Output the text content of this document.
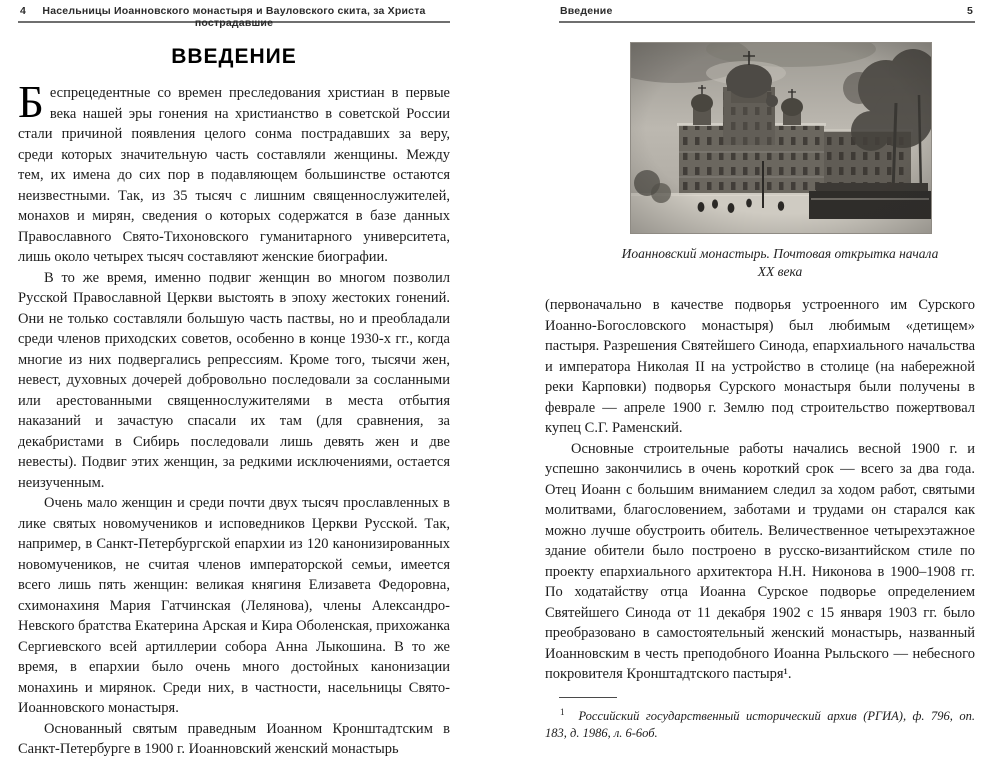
4	Насельницы Иоанновского монастыря и Вауловского скита, за Христа пострадавшие
ВВЕДЕНИЕ

Беспрецедентные со времен преследования христиан в первые века нашей эры гонения на христианство в советской России стали причиной появления целого сонма пострадавших за веру, среди которых значительную часть составляли женщины. Между тем, их имена до сих пор в подавляющем большинстве остаются неизвестными. Так, из 35 тысяч с лишним священнослужителей, монахов и мирян, сведения о которых содержатся в базе данных Православного Свято-Тихоновского гуманитарного университета, лишь около четырех тысяч составляют женские биографии.

В то же время, именно подвиг женщин во многом позволил Русской Православной Церкви выстоять в эпоху жестоких гонений. Они не только составляли большую часть паствы, но и преобладали среди членов приходских советов, особенно в конце 1930-х гг., когда многие из них подвергались репрессиям. Кроме того, тысячи жен, невест, духовных дочерей добровольно последовали за сосланными или арестованными священнослужителями в места отбытия наказаний и зачастую спасали их там (для сравнения, за декабристами в Сибирь последовали лишь девять жен и две невесты). Подвиг этих женщин, за редкими исключениями, остается неизученным.

Очень мало женщин и среди почти двух тысяч прославленных в лике святых новомучеников и исповедников Церкви Русской. Так, например, в Санкт-Петербургской епархии из 120 канонизированных новомучеников, не считая членов императорской семьи, имеется всего лишь пять женщин: великая княгиня Елизавета Федоровна, схимонахиня Мария Гатчинская (Лелянова), члены Александро-Невского братства Екатерина Арская и Кира Оболенская, прихожанка Сергиевского всей артиллерии собора Анна Лыкошина. В то же время, в епархии было очень много достойных канонизации монахинь и мирянок. Среди них, в частности, насельницы Свято-Иоанновского монастыря.

Основанный святым праведным Иоанном Кронштадтским в Санкт-Петербурге в 1900 г. Иоанновский женский монастырь

Введение	5
Иоанновский монастырь. Почтовая открытка начала XX века

(первоначально в качестве подворья устроенного им Сурского Иоанно-Богословского монастыря) был любимым «детищем» пастыря. Разрешения Святейшего Синода, епархиального начальства и императора Николая II на устройство в столице (на набережной реки Карповки) подворья Сурского монастыря были получены в феврале — апреле 1900 г. Землю под строительство пожертвовал купец С.Г. Раменский.

Основные строительные работы начались весной 1900 г. и успешно закончились в очень короткий срок — всего за два года. Отец Иоанн с большим вниманием следил за ходом работ, святыми молитвами, благословением, заботами и трудами он старался как можно лучше обустроить обитель. Величественное четырехэтажное здание обители было построено в русско-византийском стиле по проекту епархиального архитектора Н.Н. Никонова в 1900–1908 гг. По ходатайству отца Иоанна Сурское подворье определением Святейшего Синода от 11 декабря 1902 с 15 января 1903 гг. было преобразовано в самостоятельный женский монастырь, названный Иоанновским в честь преподобного Иоанна Рыльского — небесного покровителя Кронштадтского пастыря¹.

$^1$ Российский государственный исторический архив (РГИА), ф. 796, оп. 183, д. 1986, л. 6-6об.
